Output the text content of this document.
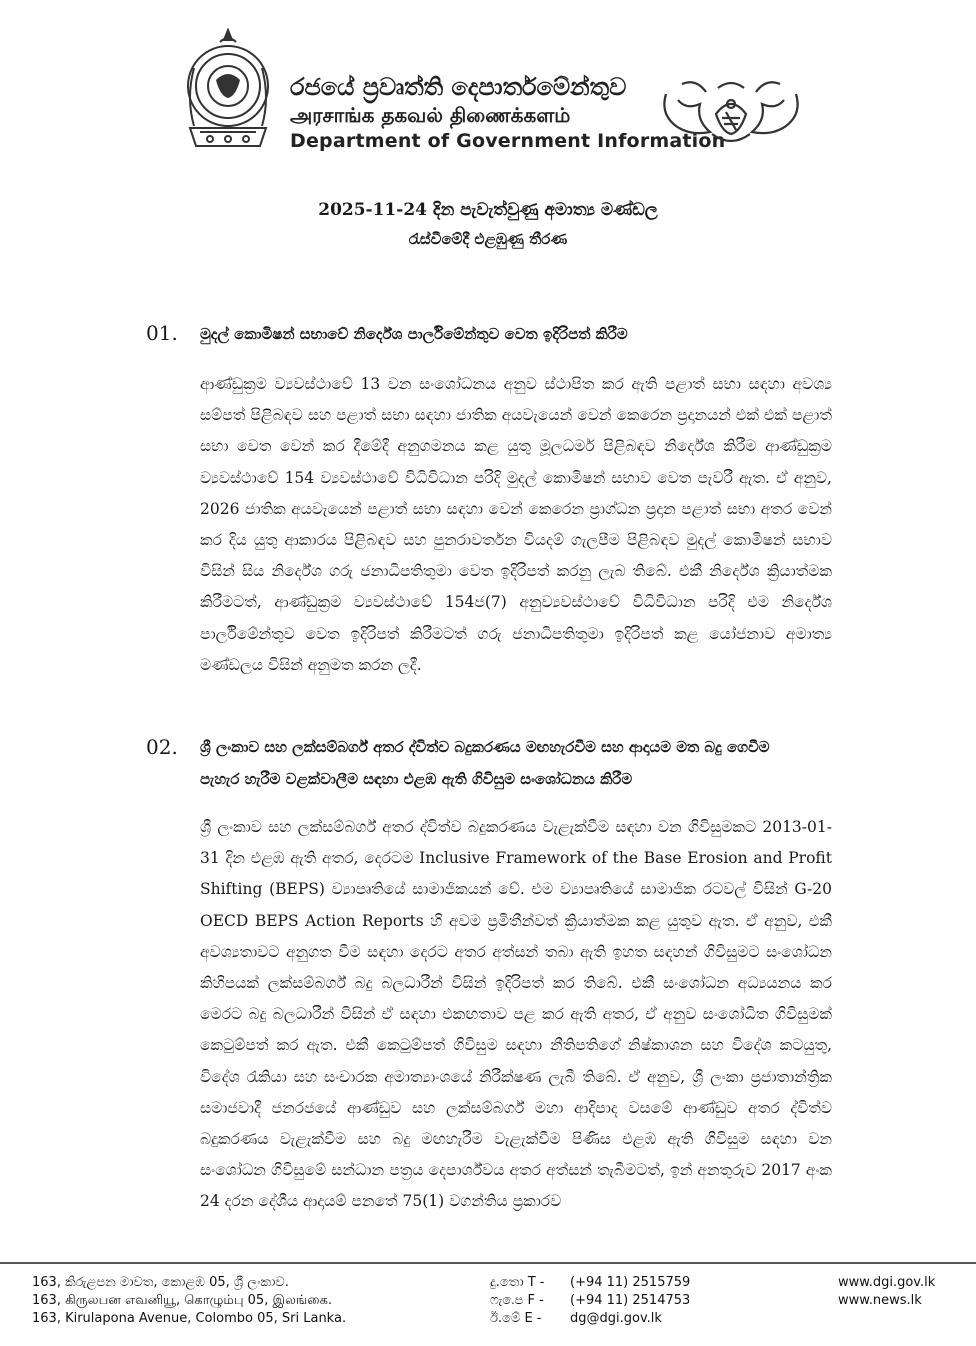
රජයේ ප්‍රවෘත්ති දෙපාර්තමේන්තුව
அரசாங்க தகவல் திணைக்களம்
Department of Government Information
2025-11-24 දින පැවැත්වුණු අමාත්‍ය මණ්ඩල
රැස්වීමේදී එළඹුණු තීරණ
01. මුදල් කොමිෂන් සභාවේ නිර්දේශ පාර්ලිමේන්තුව වෙත ඉදිරිපත් කිරීම
ආණ්ඩුක්‍රම ව්‍යවස්ථාවේ 13 වන සංශෝධනය අනුව ස්ථාපිත කර ඇති පළාත් සභා සඳහා අවශ්‍ය සම්පත් පිළිබඳව සහ පළාත් සභා සඳහා ජාතික අයවැයෙන් වෙන් කෙරෙන ප්‍රදානයන් එක් එක් පළාත් සභා වෙත වෙන් කර දීමේදී අනුගමනය කළ යුතු මූලධර්ම පිළිබඳව නිර්දේශ කිරීම ආණ්ඩුක්‍රම ව්‍යවස්ථාවේ 154 ව්‍යවස්ථාවේ විධිවිධාන පරිදි මුදල් කොමිෂන් සභාව වෙත පැවරී ඇත. ඒ අනුව, 2026 ජාතික අයවැයෙන් පළාත් සභා සඳහා වෙන් කෙරෙන ප්‍රාග්ධන ප්‍රදාන පළාත් සභා අතර වෙන් කර දිය යුතු ආකාරය පිළිබඳව සහ පුනරාවර්තන වියදම් ගැලපීම පිළිබඳව මුදල් කොමිෂන් සභාව විසින් සිය නිර්දේශ ගරු ජනාධිපතිතුමා වෙත ඉදිරිපත් කරනු ලැබ තිබේ. එකී නිර්දේශ ක්‍රියාත්මක කිරීමටත්, ආණ්ඩුක්‍රම ව්‍යවස්ථාවේ 154ජ(7) අනුව්‍යවස්ථාවේ විධිවිධාන පරිදි එම නිර්දේශ පාර්ලිමේන්තුව වෙත ඉදිරිපත් කිරීමටත් ගරු ජනාධිපතිතුමා ඉදිරිපත් කළ යෝජනාව අමාත්‍ය මණ්ඩලය විසින් අනුමත කරන ලදී.
02. ශ්‍රී ලංකාව සහ ලක්සම්බර්ග් අතර ද්විත්ව බදුකරණය මඟහැරවීම සහ ආදායම මත බදු ගෙවීම පැහැර හැරීම වළක්වාලීම සඳහා එළඹ ඇති ගිවිසුම සංශෝධනය කිරීම
ශ්‍රී ලංකාව සහ ලක්සම්බර්ග් අතර ද්විත්ව බදුකරණය වැළැක්වීම සඳහා වන ගිවිසුමකට 2013-01-31 දින එළඹ ඇති අතර, දෙරටම Inclusive Framework of the Base Erosion and Profit Shifting (BEPS) ව්‍යාපෘතියේ සාමාජිකයන් වේ. එම ව්‍යාපෘතියේ සාමාජික රටවල් විසින් G-20 OECD BEPS Action Reports හි අවම ප්‍රමිතීන්වත් ක්‍රියාත්මක කළ යුතුව ඇත. ඒ අනුව, එකී අවශ්‍යතාවට අනුගත වීම සඳහා දෙරට අතර අත්සන් තබා ඇති ඉහත සඳහන් ගිවිසුමට සංශෝධන කිහිපයක් ලක්සම්බර්ග් බදු බලධාරීන් විසින් ඉදිරිපත් කර තිබේ. එකී සංශෝධන අධ්‍යයනය කර මෙරට බදු බලධාරීන් විසින් ඒ සඳහා එකඟතාව පළ කර ඇති අතර, ඒ අනුව සංශෝධිත ගිවිසුමක් කෙටුම්පත් කර ඇත. එකී කෙටුම්පත් ගිවිසුම සඳහා නීතිපතිගේ නිෂ්කාශන සහ විදේශ කටයුතු, විදේශ රැකියා සහ සංචාරක අමාත්‍යාංශයේ නිරීක්ෂණ ලැබී තිබේ. ඒ අනුව, ශ්‍රී ලංකා ප්‍රජාතාන්ත්‍රික සමාජවාදී ජනරජයේ ආණ්ඩුව සහ ලක්සම්බර්ග් මහා ආදිපාද වසමේ ආණ්ඩුව අතර ද්විත්ව බදුකරණය වැළැක්වීම සහ බදු මඟහැරීම වැළැක්වීම පිණිස එළඹ ඇති ගිවිසුම සඳහා වන සංශෝධන ගිවිසුමේ සන්ධාන පත්‍රය දෙපාර්ශ්වය අතර අත්සන් තැබීමටත්, ඉන් අනතුරුව 2017 අංක 24 දරන දේශීය ආදායම් පනතේ 75(1) වගන්තිය ප්‍රකාරව
163, කිරුළපන මාවත, කොළඹ 05, ශ්‍රී ලංකාව.
163, கிருலபன எவனியூ, கொழும்பு 05, இலங்கை.
163, Kirulapona Avenue, Colombo 05, Sri Lanka.
දු.තො T - (+94 11) 2515759
ෆැ.ෙප F - (+94 11) 2514753
ඊ.මේ E - dg@dgi.gov.lk
www.dgi.gov.lk
www.news.lk
